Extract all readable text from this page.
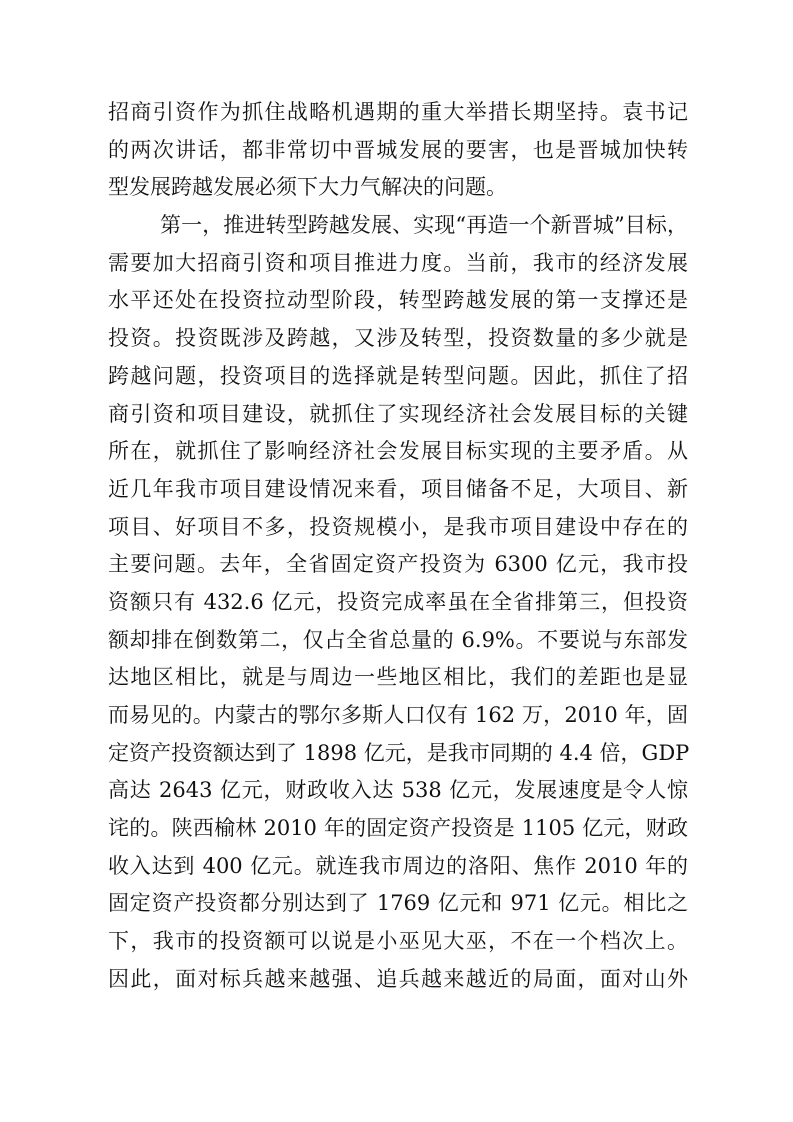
招商引资作为抓住战略机遇期的重大举措长期坚持。袁书记
的两次讲话，都非常切中晋城发展的要害，也是晋城加快转
型发展跨越发展必须下大力气解决的问题。
第一，推进转型跨越发展、实现“再造一个新晋城”目标，
需要加大招商引资和项目推进力度。当前，我市的经济发展
水平还处在投资拉动型阶段，转型跨越发展的第一支撑还是
投资。投资既涉及跨越，又涉及转型，投资数量的多少就是
跨越问题，投资项目的选择就是转型问题。因此，抓住了招
商引资和项目建设，就抓住了实现经济社会发展目标的关键
所在，就抓住了影响经济社会发展目标实现的主要矛盾。从
近几年我市项目建设情况来看，项目储备不足，大项目、新
项目、好项目不多，投资规模小，是我市项目建设中存在的
主要问题。去年，全省固定资产投资为 6300 亿元，我市投
资额只有 432.6 亿元，投资完成率虽在全省排第三，但投资
额却排在倒数第二，仅占全省总量的 6.9%。不要说与东部发
达地区相比，就是与周边一些地区相比，我们的差距也是显
而易见的。内蒙古的鄂尔多斯人口仅有 162 万，2010 年，固
定资产投资额达到了 1898 亿元，是我市同期的 4.4 倍，GDP
高达 2643 亿元，财政收入达 538 亿元，发展速度是令人惊
诧的。陕西榆林 2010 年的固定资产投资是 1105 亿元，财政
收入达到 400 亿元。就连我市周边的洛阳、焦作 2010 年的
固定资产投资都分别达到了 1769 亿元和 971 亿元。相比之
下，我市的投资额可以说是小巫见大巫，不在一个档次上。
因此，面对标兵越来越强、追兵越来越近的局面，面对山外
